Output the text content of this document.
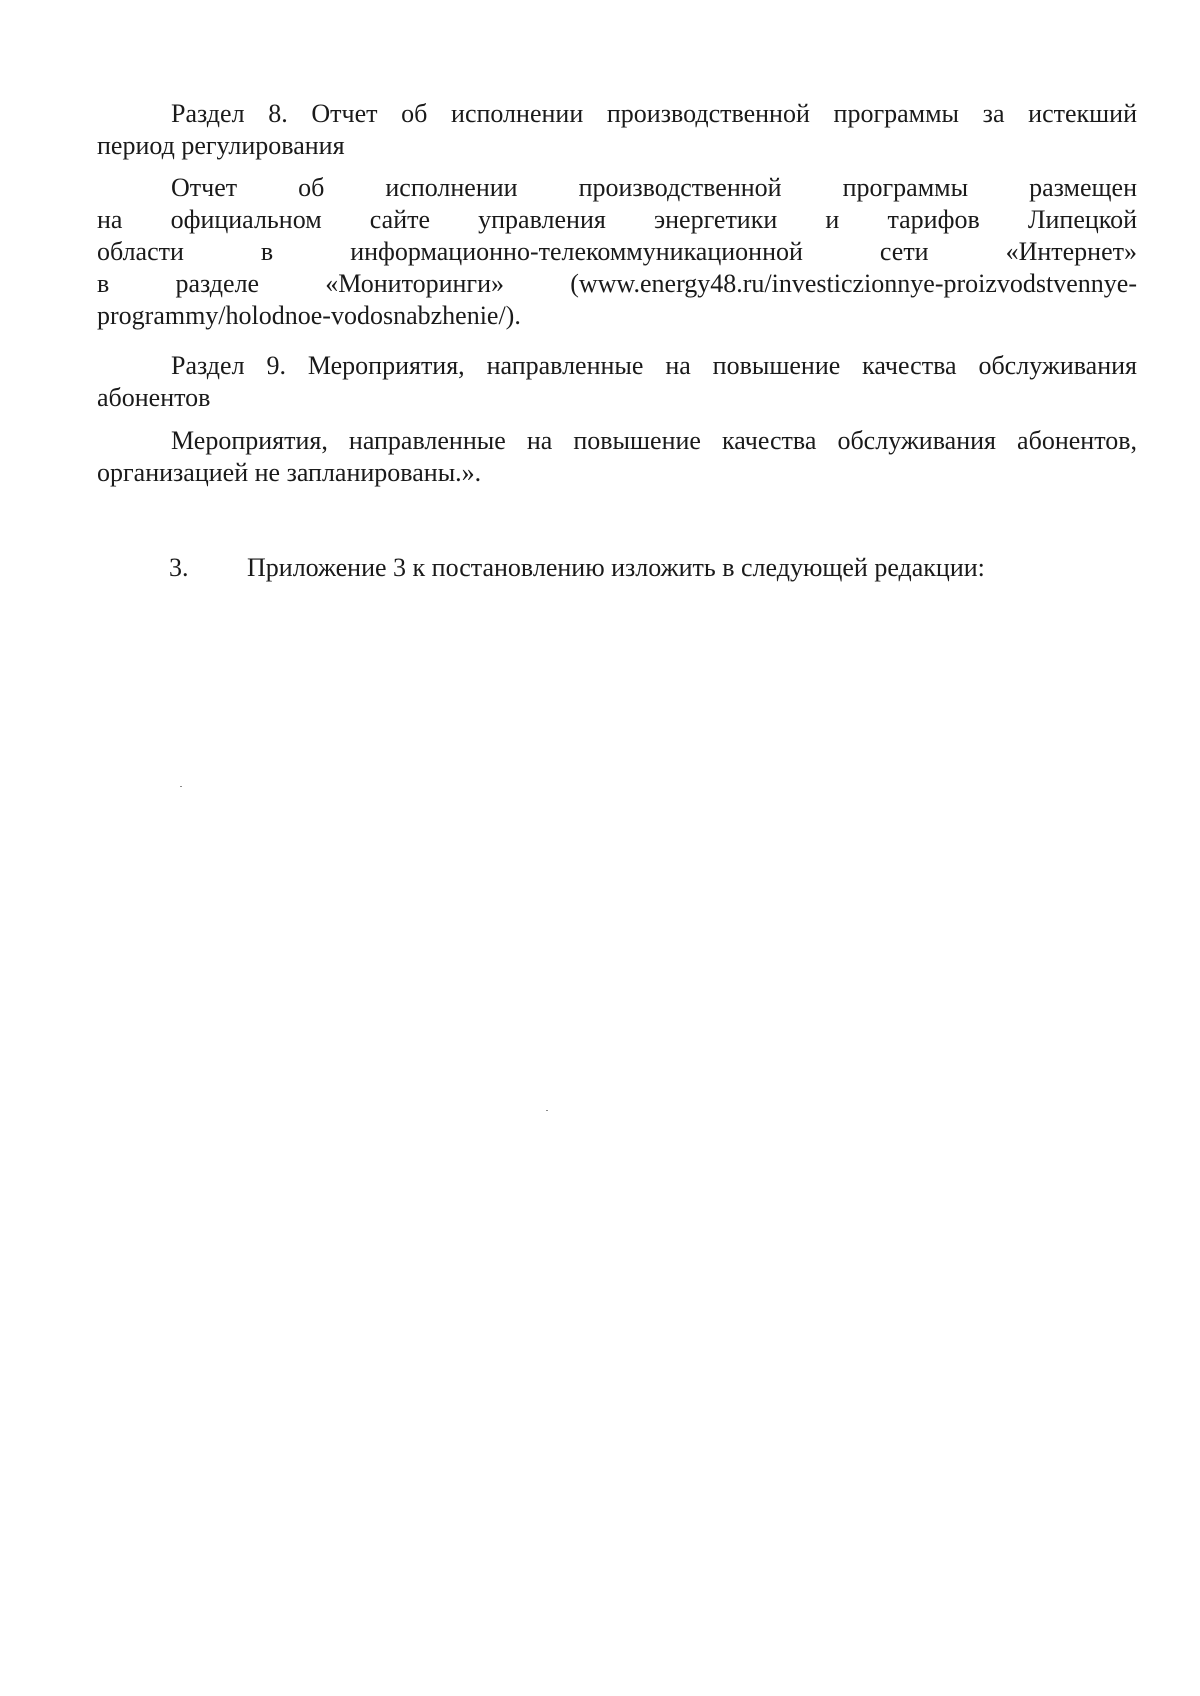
Раздел 8. Отчет об исполнении производственной программы за истекший
период регулирования
Отчет об исполнении производственной программы размещен
на официальном сайте управления энергетики и тарифов Липецкой
области в информационно-телекоммуникационной сети «Интернет»
в разделе «Мониторинги» (www.energy48.ru/investiczionnye-proizvodstvennye-
programmy/holodnoe-vodosnabzhenie/).
Раздел 9. Мероприятия, направленные на повышение качества обслуживания
абонентов
Мероприятия, направленные на повышение качества обслуживания абонентов,
организацией не запланированы.».
3. Приложение 3 к постановлению изложить в следующей редакции:
